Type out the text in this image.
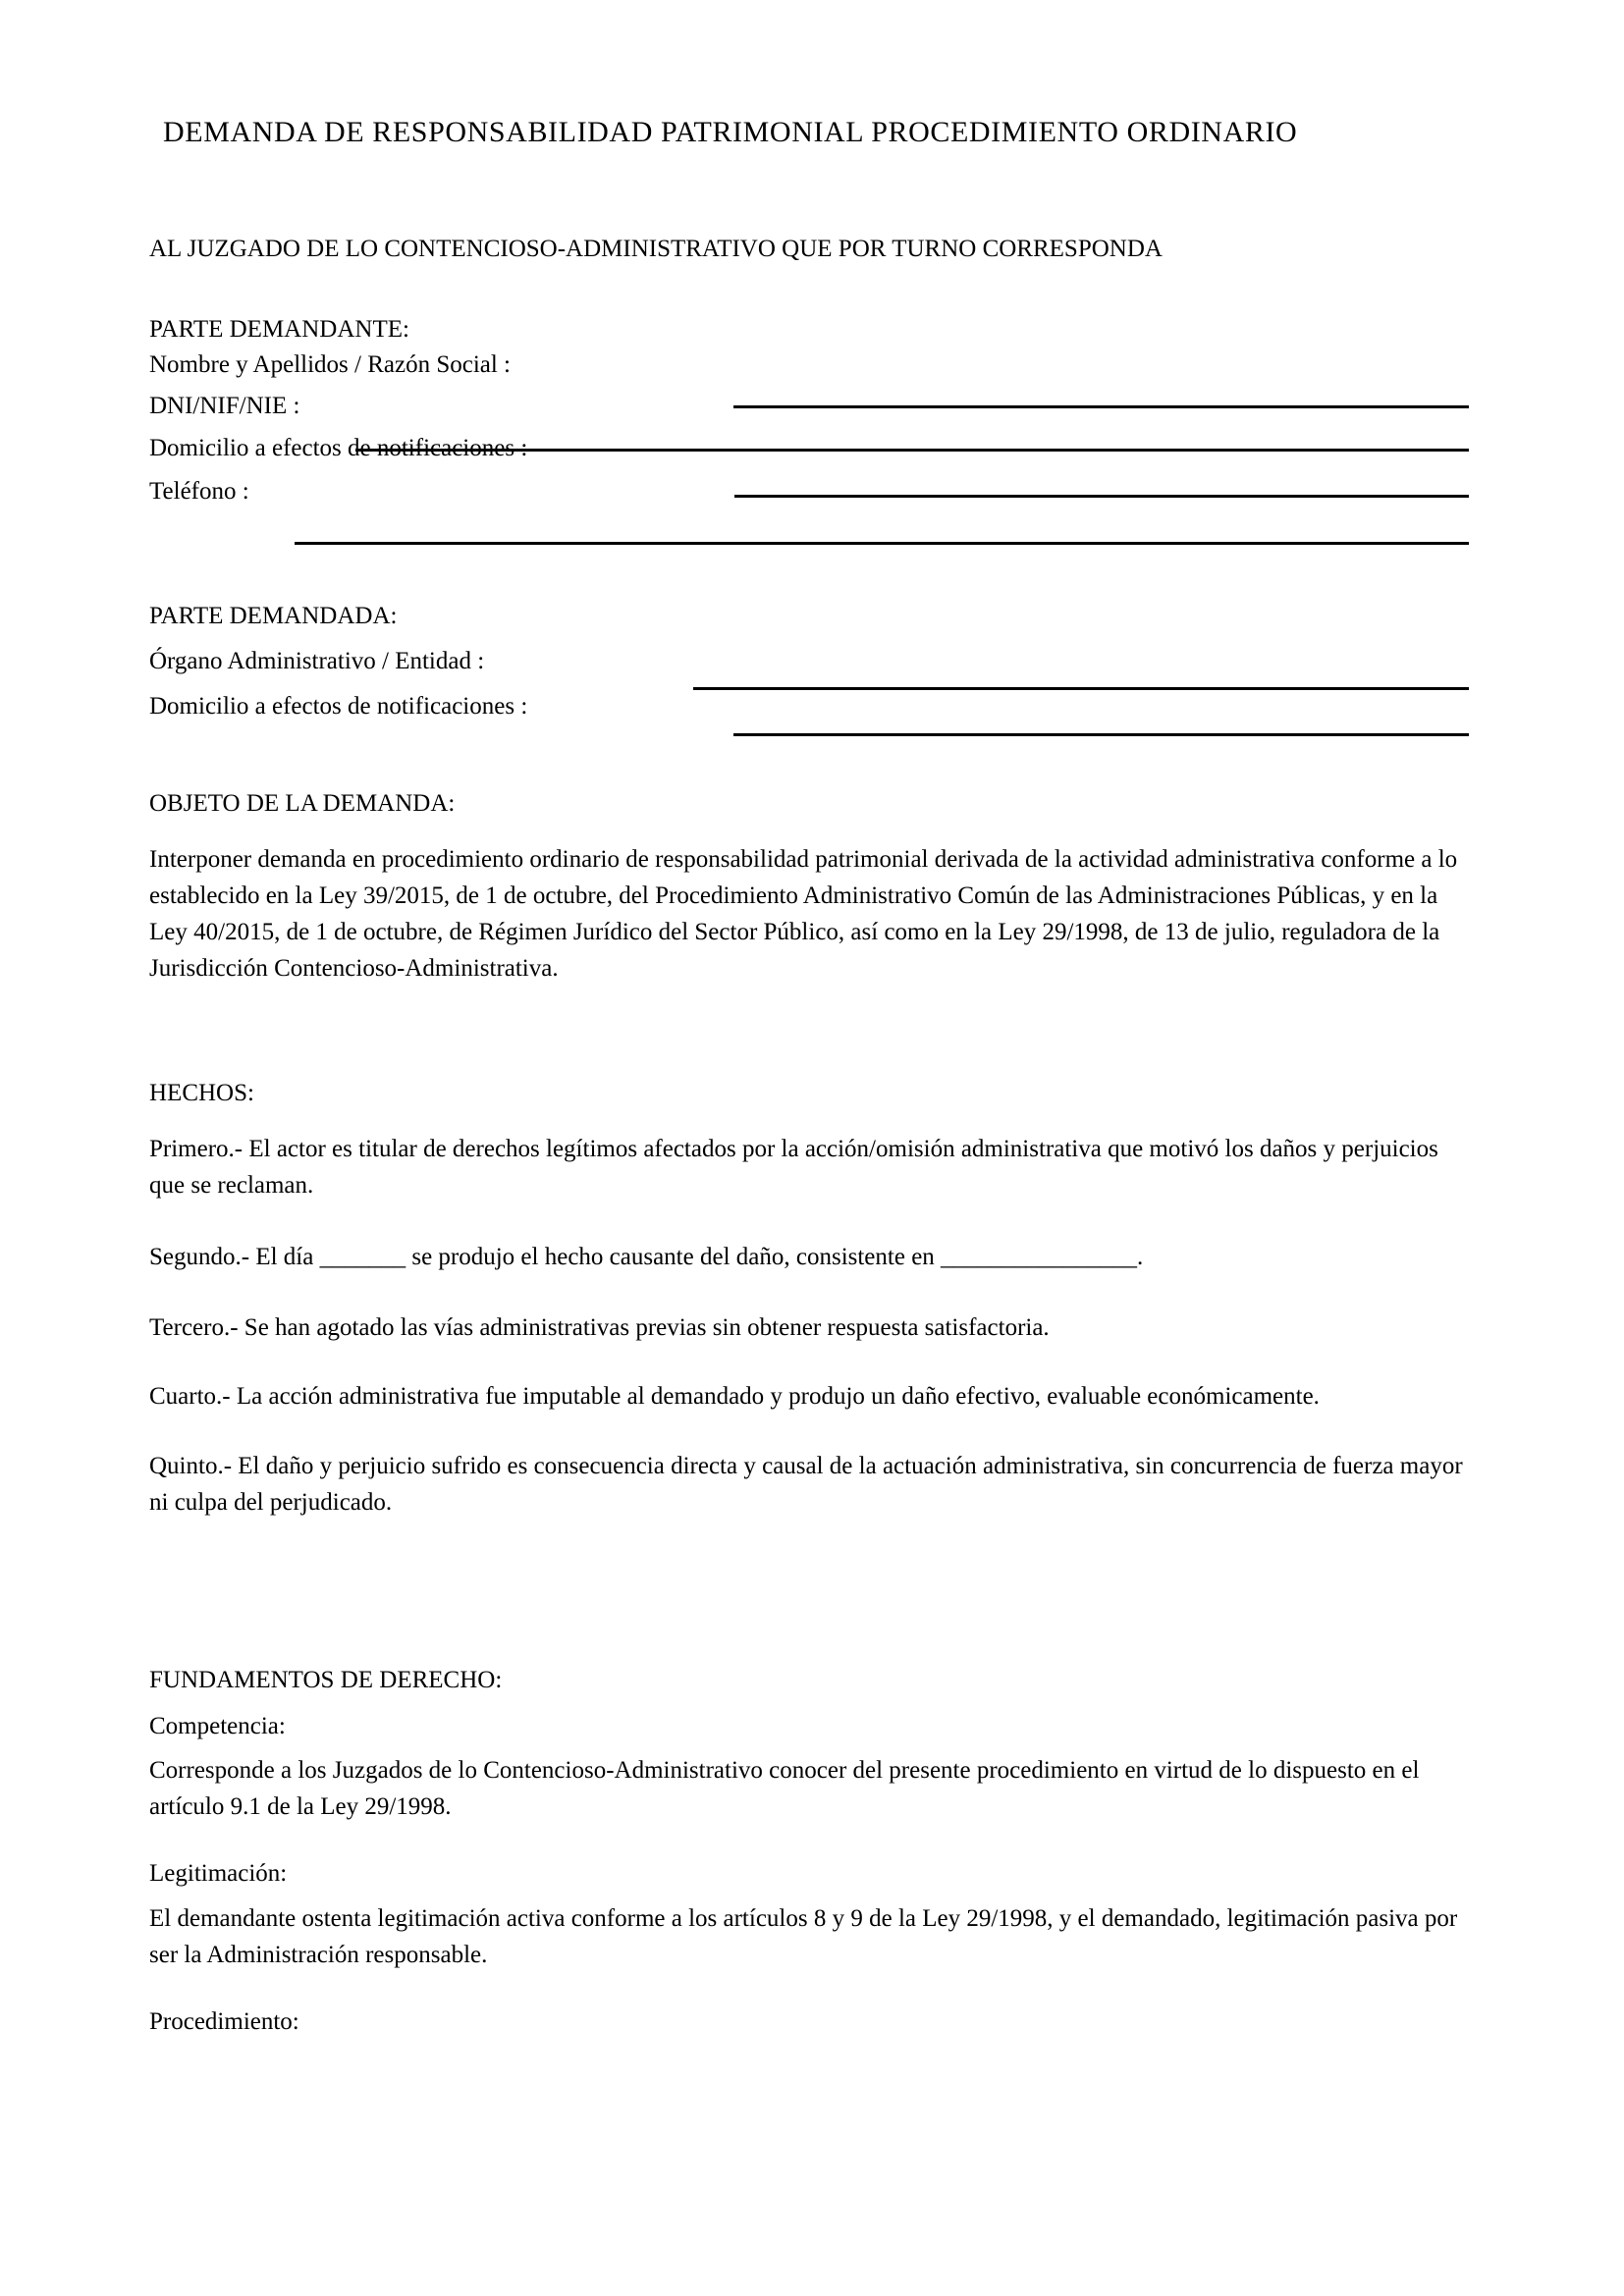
DEMANDA DE RESPONSABILIDAD PATRIMONIAL PROCEDIMIENTO ORDINARIO
AL JUZGADO DE LO CONTENCIOSO-ADMINISTRATIVO QUE POR TURNO CORRESPONDA
PARTE DEMANDANTE:
Nombre y Apellidos / Razón Social :
DNI/NIF/NIE :
Domicilio a efectos de notificaciones :
Teléfono :
PARTE DEMANDADA:
Órgano Administrativo / Entidad :
Domicilio a efectos de notificaciones :
OBJETO DE LA DEMANDA:
Interponer demanda en procedimiento ordinario de responsabilidad patrimonial derivada de la actividad administrativa conforme a lo establecido en la Ley 39/2015, de 1 de octubre, del Procedimiento Administrativo Común de las Administraciones Públicas, y en la Ley 40/2015, de 1 de octubre, de Régimen Jurídico del Sector Público, así como en la Ley 29/1998, de 13 de julio, reguladora de la Jurisdicción Contencioso-Administrativa.
HECHOS:
Primero.- El actor es titular de derechos legítimos afectados por la acción/omisión administrativa que motivó los daños y perjuicios que se reclaman.
Segundo.- El día _______ se produjo el hecho causante del daño, consistente en ________________.
Tercero.- Se han agotado las vías administrativas previas sin obtener respuesta satisfactoria.
Cuarto.- La acción administrativa fue imputable al demandado y produjo un daño efectivo, evaluable económicamente.
Quinto.- El daño y perjuicio sufrido es consecuencia directa y causal de la actuación administrativa, sin concurrencia de fuerza mayor ni culpa del perjudicado.
FUNDAMENTOS DE DERECHO:
Competencia:
Corresponde a los Juzgados de lo Contencioso-Administrativo conocer del presente procedimiento en virtud de lo dispuesto en el artículo 9.1 de la Ley 29/1998.
Legitimación:
El demandante ostenta legitimación activa conforme a los artículos 8 y 9 de la Ley 29/1998, y el demandado, legitimación pasiva por ser la Administración responsable.
Procedimiento:
